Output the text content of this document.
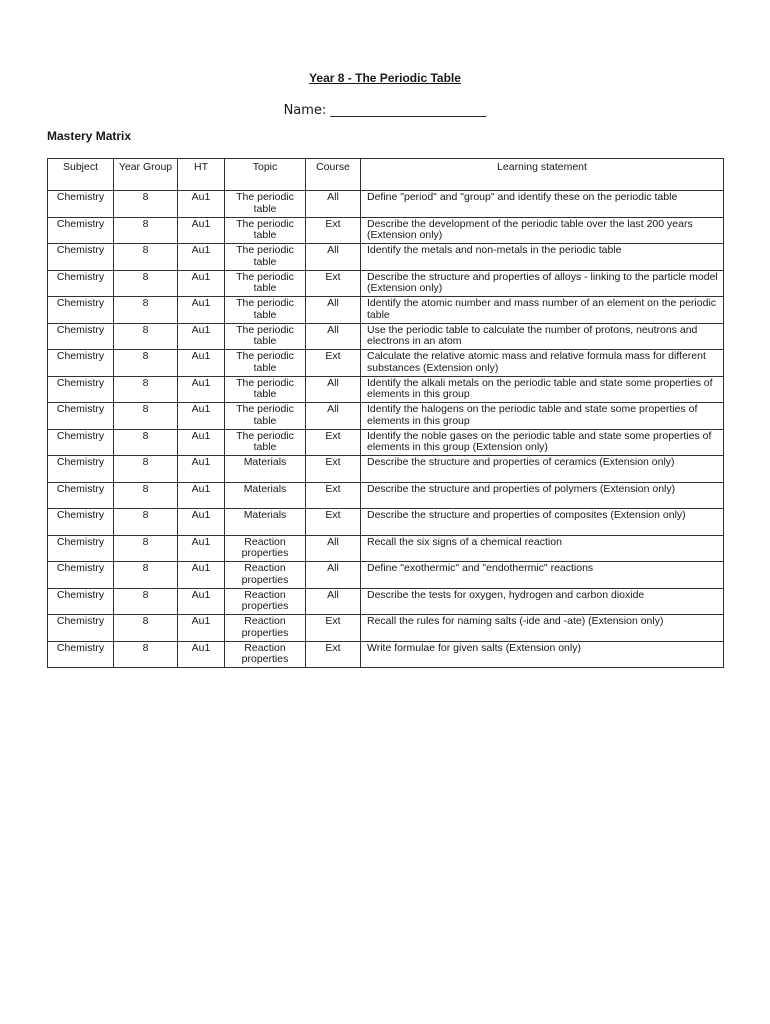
Year 8 - The Periodic Table
Name: ________________________
Mastery Matrix
Subject	Year Group	HT	Topic	Course	Learning statement
Chemistry	8	Au1	The periodic table	All	Define "period" and "group" and identify these on the periodic table
Chemistry	8	Au1	The periodic table	Ext	Describe the development of the periodic table over the last 200 years (Extension only)
Chemistry	8	Au1	The periodic table	All	Identify the metals and non-metals in the periodic table
Chemistry	8	Au1	The periodic table	Ext	Describe the structure and properties of alloys - linking to the particle model (Extension only)
Chemistry	8	Au1	The periodic table	All	Identify the atomic number and mass number of an element on the periodic table
Chemistry	8	Au1	The periodic table	All	Use the periodic table to calculate the number of protons, neutrons and electrons in an atom
Chemistry	8	Au1	The periodic table	Ext	Calculate the relative atomic mass and relative formula mass for different substances (Extension only)
Chemistry	8	Au1	The periodic table	All	Identify the alkali metals on the periodic table and state some properties of elements in this group
Chemistry	8	Au1	The periodic table	All	Identify the halogens on the periodic table and state some properties of elements in this group
Chemistry	8	Au1	The periodic table	Ext	Identify the noble gases on the periodic table and state some properties of elements in this group (Extension only)
Chemistry	8	Au1	Materials	Ext	Describe the structure and properties of ceramics (Extension only)
Chemistry	8	Au1	Materials	Ext	Describe the structure and properties of polymers (Extension only)
Chemistry	8	Au1	Materials	Ext	Describe the structure and properties of composites (Extension only)
Chemistry	8	Au1	Reaction properties	All	Recall the six signs of a chemical reaction
Chemistry	8	Au1	Reaction properties	All	Define "exothermic" and "endothermic" reactions
Chemistry	8	Au1	Reaction properties	All	Describe the tests for oxygen, hydrogen and carbon dioxide
Chemistry	8	Au1	Reaction properties	Ext	Recall the rules for naming salts (-ide and -ate) (Extension only)
Chemistry	8	Au1	Reaction properties	Ext	Write formulae for given salts (Extension only)
